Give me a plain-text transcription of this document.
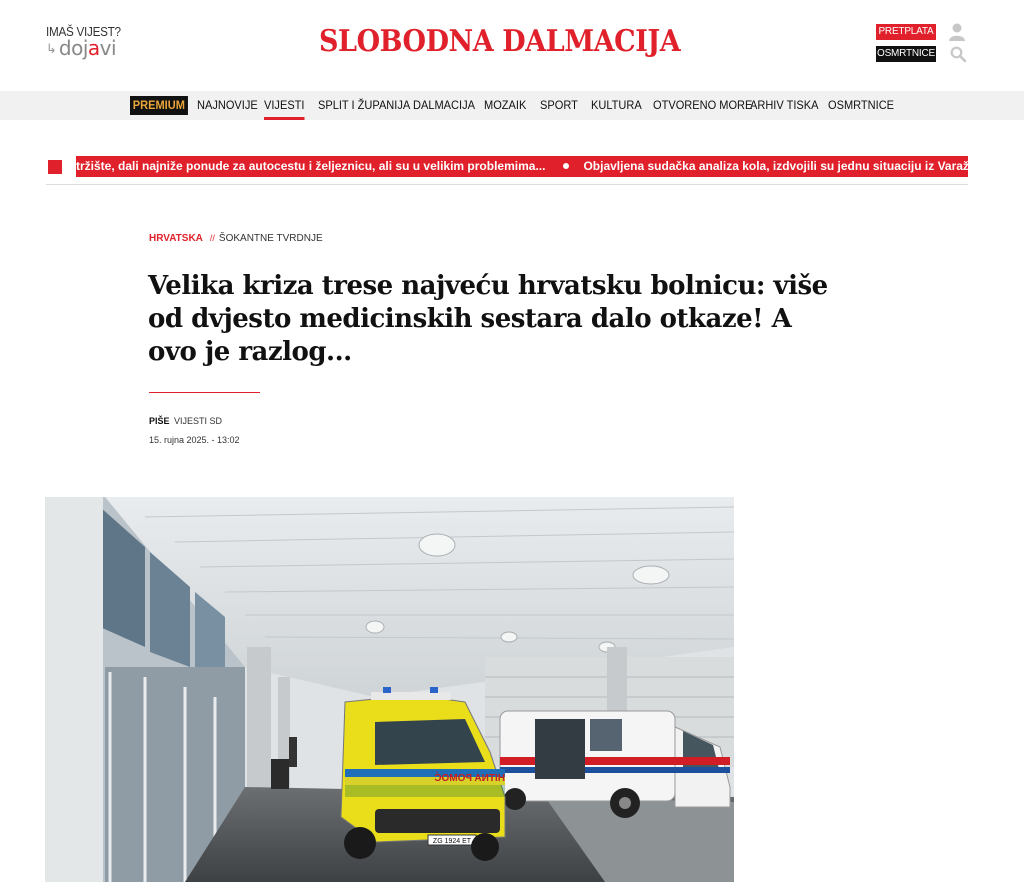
IMAŠ VIJEST?
↳ dojavi	SLOBODNA DALMACIJA	PRETPLATA
OSMRTNICE
PREMIUM NAJNOVIJE VIJESTI SPLIT I ŽUPANIJA DALMACIJA MOZAIK SPORT KULTURA OTVORENO MORE
ARHIV TISKA OSMRTNICE
tržište, dali najniže ponude za autocestu i željeznicu, ali su u velikim problemima...	Objavljena sudačka analiza kola, izdvojili su jednu situaciju iz Varaždina. Dinar
HRVATSKA // ŠOKANTNE TVRDNJE
Velika kriza trese najveću hrvatsku bolnicu: više od dvjesto medicinskih sestara dalo otkaze! A ovo je razlog...
PIŠE VIJESTI SD
15. rujna 2025. - 13:02
ZG 1924 ET
HITNA POMOĆ
